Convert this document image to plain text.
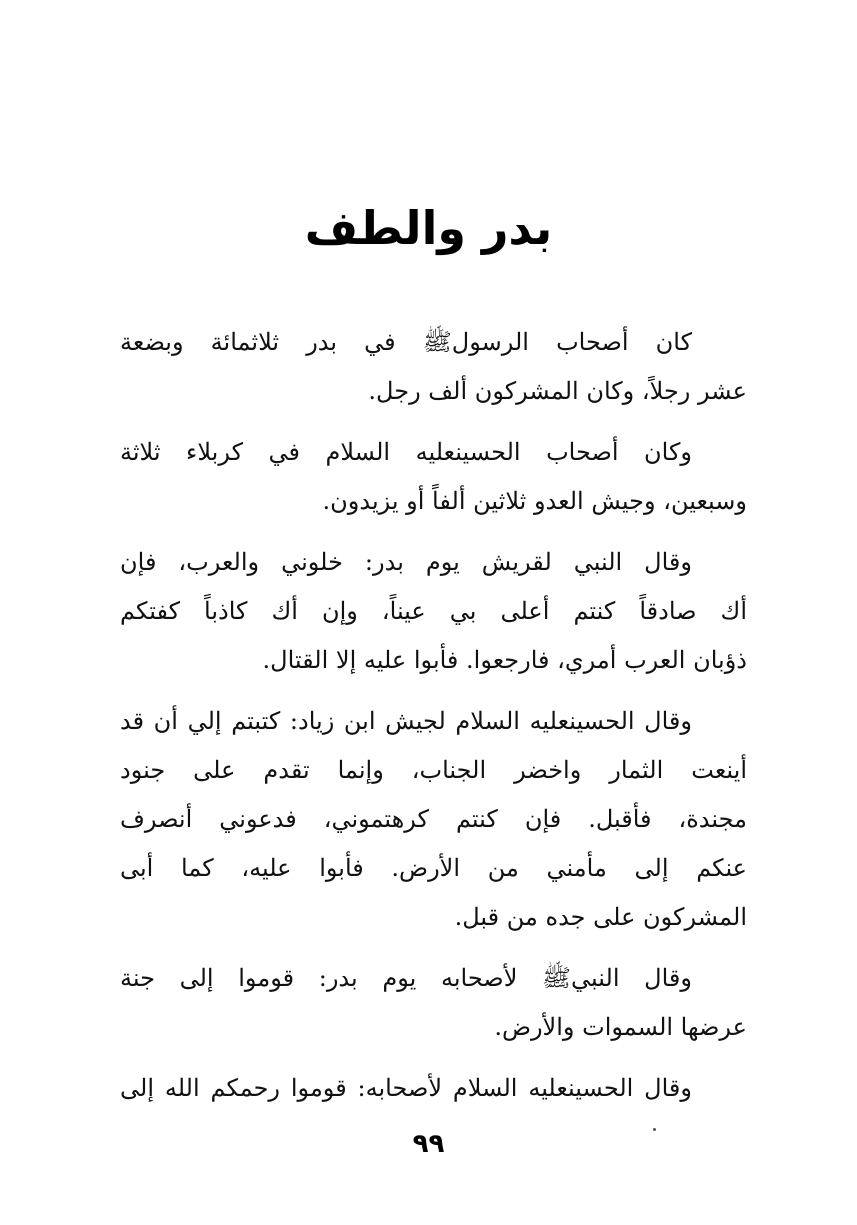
بدر والطف
كان أصحاب الرسولﷺ في بدر ثلاثمائة وبضعة
عشر رجلاً، وكان المشركون ألف رجل.
وكان أصحاب الحسينعليه السلام في كربلاء ثلاثة
وسبعين، وجيش العدو ثلاثين ألفاً أو يزيدون.
وقال النبي لقريش يوم بدر: خلوني والعرب، فإن
أك صادقاً كنتم أعلى بي عيناً، وإن أك كاذباً كفتكم
ذؤبان العرب أمري، فارجعوا. فأبوا عليه إلا القتال.
وقال الحسينعليه السلام لجيش ابن زياد: كتبتم إلي أن قد
أينعت الثمار واخضر الجناب، وإنما تقدم على جنود
مجندة، فأقبل. فإن كنتم كرهتموني، فدعوني أنصرف
عنكم إلى مأمني من الأرض. فأبوا عليه، كما أبى
المشركون على جده من قبل.
وقال النبيﷺ لأصحابه يوم بدر: قوموا إلى جنة
عرضها السموات والأرض.
وقال الحسينعليه السلام لأصحابه: قوموا رحمكم الله إلى
٩٩
